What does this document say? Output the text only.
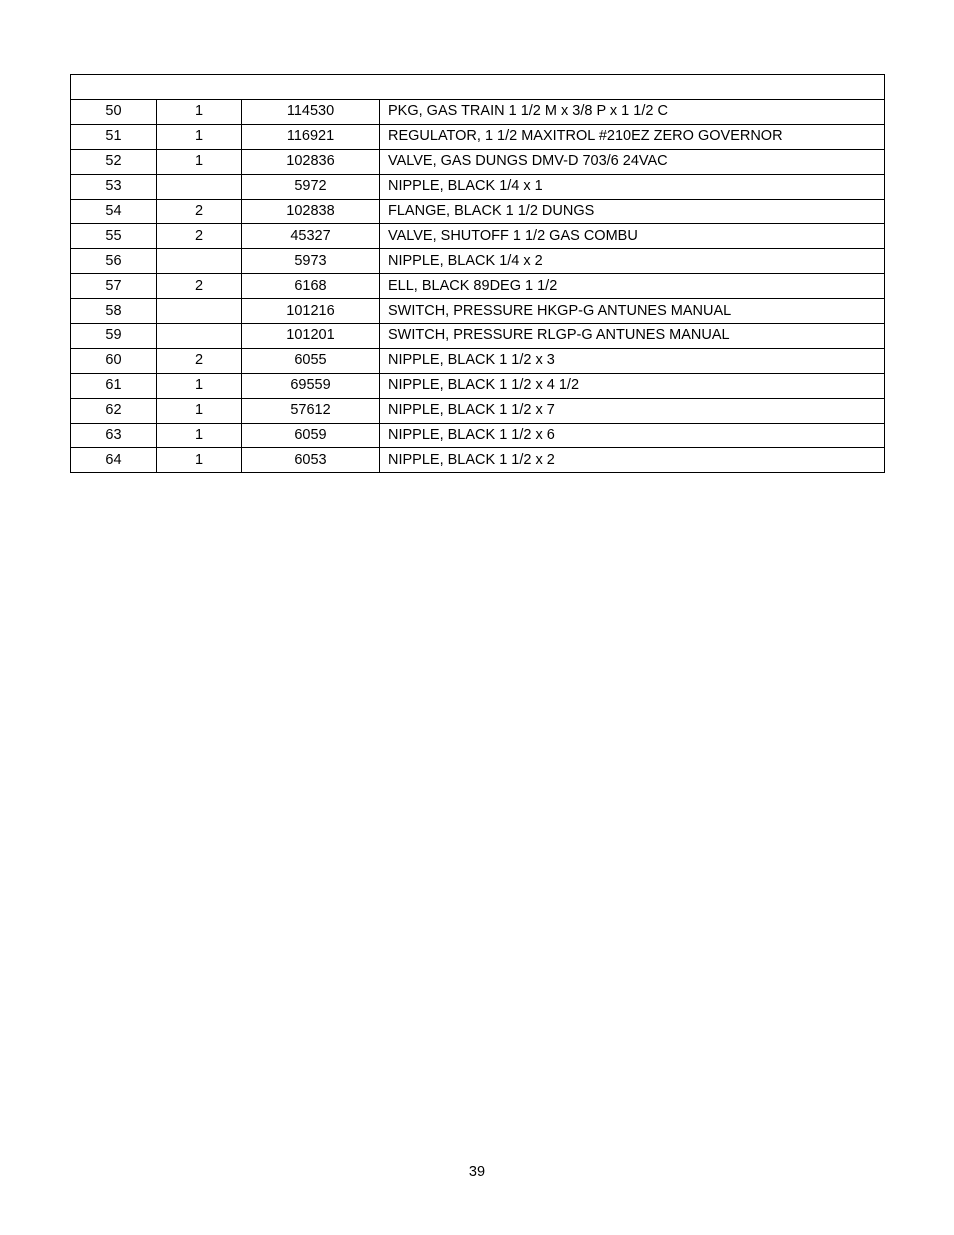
50	1	114530	PKG, GAS TRAIN 1 1/2 M x 3/8 P x 1 1/2 C
51	1	116921	REGULATOR, 1 1/2 MAXITROL #210EZ ZERO GOVERNOR
52	1	102836	VALVE, GAS DUNGS DMV-D 703/6 24VAC
53		5972	NIPPLE, BLACK 1/4 x 1
54	2	102838	FLANGE, BLACK 1 1/2 DUNGS
55	2	45327	VALVE, SHUTOFF 1 1/2 GAS COMBU
56		5973	NIPPLE, BLACK 1/4 x 2
57	2	6168	ELL, BLACK 89DEG 1 1/2
58		101216	SWITCH, PRESSURE HKGP-G ANTUNES MANUAL
59		101201	SWITCH, PRESSURE RLGP-G ANTUNES MANUAL
60	2	6055	NIPPLE, BLACK 1 1/2 x 3
61	1	69559	NIPPLE, BLACK 1 1/2 x 4 1/2
62	1	57612	NIPPLE, BLACK 1 1/2 x 7
63	1	6059	NIPPLE, BLACK 1 1/2 x 6
64	1	6053	NIPPLE, BLACK 1 1/2 x 2
39
